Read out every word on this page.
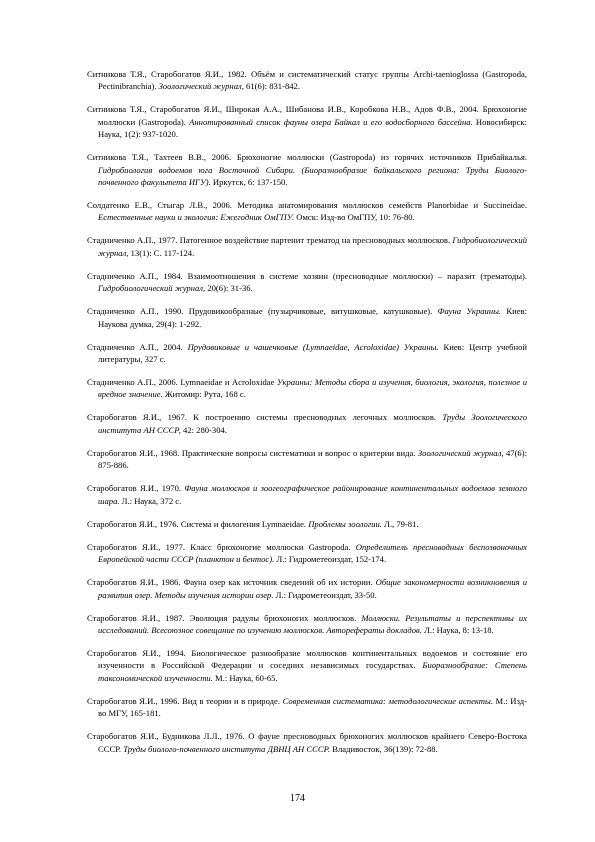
Ситникова Т.Я., Старобогатов Я.И., 1982. Объём и систематический статус группы Archi-taenioglossa (Gastropoda, Pectinibranchia). Зоологический журнал, 61(6): 831-842.
Ситникова Т.Я., Старобогатов Я.И., Широкая А.А., Шибанова И.В., Коробкова Н.В., Адов Ф.В., 2004. Брюхоногие моллюски (Gastropoda). Аннотированный список фауны озера Байкал и его водосборного бассейна. Новосибирск: Наука, 1(2): 937-1020.
Ситникова Т.Я., Тахтеев В.В., 2006. Брюхоногие моллюски (Gastropoda) из горячих источников Прибайкалья. Гидробиология водоемов юга Восточной Сибири. (Биоразнообразие байкальского региона: Труды Биолого-почвенного факультета ИГУ). Иркутск, 6: 137-150.
Солдатенко Е.В., Стыгар Л.В., 2006. Методика анатомирования моллюсков семейств Planorbidae и Succineidae. Естественные науки и экология: Ежегодник ОмГПУ. Омск: Изд-во ОмГПУ, 10: 76-80.
Стадниченко А.П., 1977. Патогенное воздействие партенит трематод на пресноводных моллюсков. Гидробиологический журнал, 13(1): С. 117-124.
Стадниченко А.П., 1984. Взаимоотношения в системе хозяин (пресноводные моллюски) – паразит (трематоды). Гидробиологический журнал, 20(6): 31-36.
Стадниченко А.П., 1990. Прудовикообразные (пузырчиковые, витушковые, катушковые). Фауна Украины. Киев: Наукова думка, 29(4): 1-292.
Стадниченко А.П., 2004. Прудовиковые и чашечковые (Lymnaeidae, Acroloxidae) Украины. Киев: Центр учебной литературы, 327 с.
Стадниченко А.П., 2006. Lymnaeidae и Acroloxidae Украины: Методы сбора и изучения, биология, экология, полезное и вредное значение. Житомир: Рута, 168 с.
Старобогатов Я.И., 1967. К построению системы пресноводных легочных моллюсков. Труды Зоологического института АН СССР, 42: 280-304.
Старобогатов Я.И., 1968. Практические вопросы систематики и вопрос о критерии вида. Зоологический журнал, 47(6): 875-886.
Старобогатов Я.И., 1970. Фауна моллюсков и зоогеографическое районирование континентальных водоемов земного шара. Л.: Наука, 372 с.
Старобогатов Я.И., 1976. Система и филогения Lymnaeidae. Проблемы зоологии. Л., 79-81.
Старобогатов Я.И., 1977. Класс брюхоногие моллюски Gastropoda. Определитель пресноводных беспозвоночных Европейской части СССР (планктон и бентос). Л.: Гидрометеоиздат, 152-174.
Старобогатов Я.И., 1986. Фауна озер как источник сведений об их истории. Общие закономерности возникновения и развития озер. Методы изучения истории озер. Л.: Гидрометеоиздат, 33-50.
Старобогатов Я.И., 1987. Эволюция радулы брюхоногих моллюсков. Моллюски. Результаты и перспективы их исследований. Всесоюзное совещание по изучению моллюсков. Авторефераты докладов. Л.: Наука, 8: 13-18.
Старобогатов Я.И., 1994. Биологическое разнообразие моллюсков континентальных водоемов и состояние его изученности в Российской Федерации и соседних независимых государствах. Биоразнообразие: Степень таксономической изученности. М.: Наука, 60-65.
Старобогатов Я.И., 1996. Вид в теории и в природе. Современная систематика: методологические аспекты. М.: Изд-во МГУ, 165-181.
Старобогатов Я.И., Будникова Л.Л., 1976. О фауне пресноводных брюхоногих моллюсков крайнего Северо-Востока СССР. Труды биолого-почвенного института ДВНЦ АН СССР. Владивосток, 36(139): 72-88.
174
